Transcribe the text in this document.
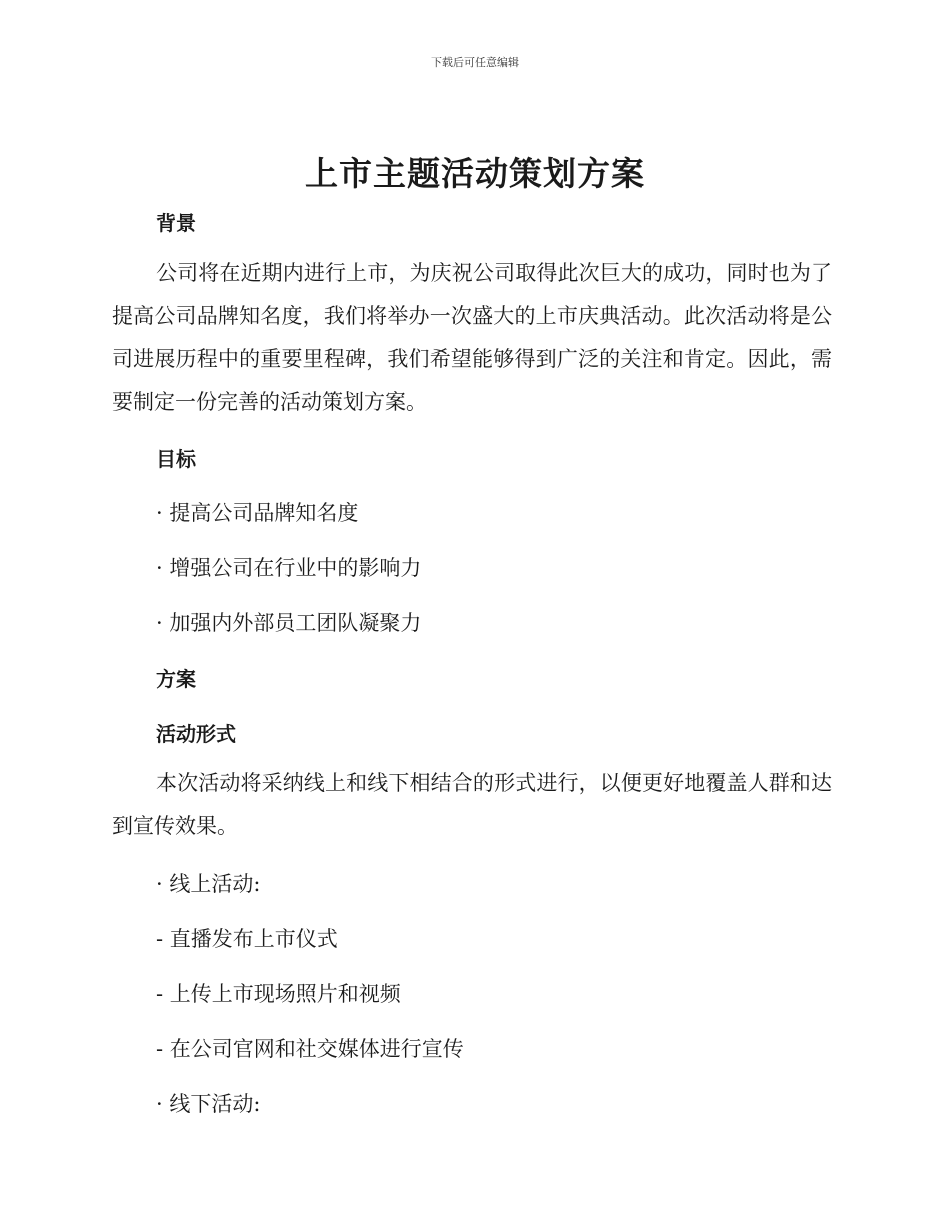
下载后可任意编辑
上市主题活动策划方案
背景
公司将在近期内进行上市，为庆祝公司取得此次巨大的成功，同时也为了提高公司品牌知名度，我们将举办一次盛大的上市庆典活动。此次活动将是公司进展历程中的重要里程碑，我们希望能够得到广泛的关注和肯定。因此，需要制定一份完善的活动策划方案。
目标
· 提高公司品牌知名度
· 增强公司在行业中的影响力
· 加强内外部员工团队凝聚力
方案
活动形式
本次活动将采纳线上和线下相结合的形式进行，以便更好地覆盖人群和达到宣传效果。
· 线上活动:
- 直播发布上市仪式
- 上传上市现场照片和视频
- 在公司官网和社交媒体进行宣传
· 线下活动:
